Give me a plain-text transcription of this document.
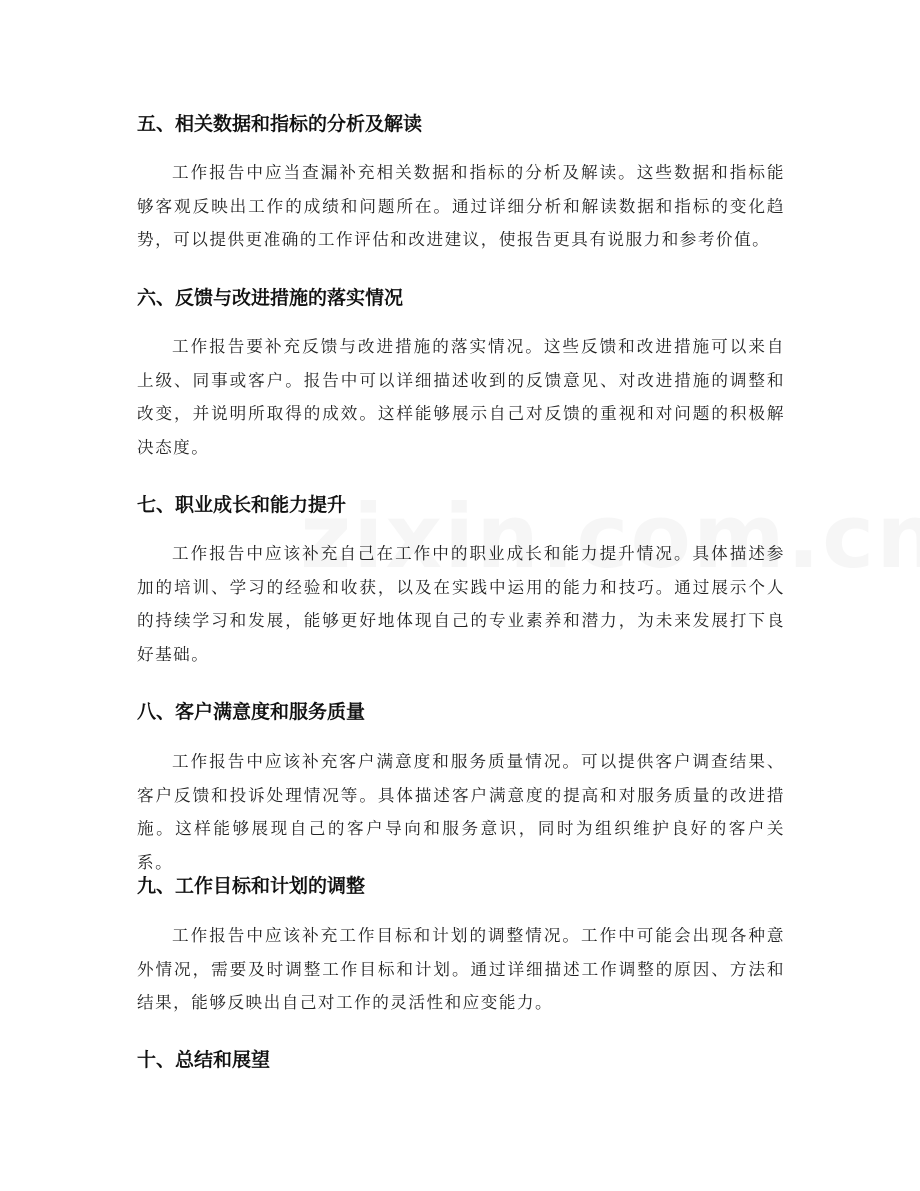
五、相关数据和指标的分析及解读
工作报告中应当查漏补充相关数据和指标的分析及解读。这些数据和指标能够客观反映出工作的成绩和问题所在。通过详细分析和解读数据和指标的变化趋势，可以提供更准确的工作评估和改进建议，使报告更具有说服力和参考价值。
六、反馈与改进措施的落实情况
工作报告要补充反馈与改进措施的落实情况。这些反馈和改进措施可以来自上级、同事或客户。报告中可以详细描述收到的反馈意见、对改进措施的调整和改变，并说明所取得的成效。这样能够展示自己对反馈的重视和对问题的积极解决态度。
七、职业成长和能力提升
工作报告中应该补充自己在工作中的职业成长和能力提升情况。具体描述参加的培训、学习的经验和收获，以及在实践中运用的能力和技巧。通过展示个人的持续学习和发展，能够更好地体现自己的专业素养和潜力，为未来发展打下良好基础。
八、客户满意度和服务质量
工作报告中应该补充客户满意度和服务质量情况。可以提供客户调查结果、客户反馈和投诉处理情况等。具体描述客户满意度的提高和对服务质量的改进措施。这样能够展现自己的客户导向和服务意识，同时为组织维护良好的客户关系。
九、工作目标和计划的调整
工作报告中应该补充工作目标和计划的调整情况。工作中可能会出现各种意外情况，需要及时调整工作目标和计划。通过详细描述工作调整的原因、方法和结果，能够反映出自己对工作的灵活性和应变能力。
十、总结和展望
